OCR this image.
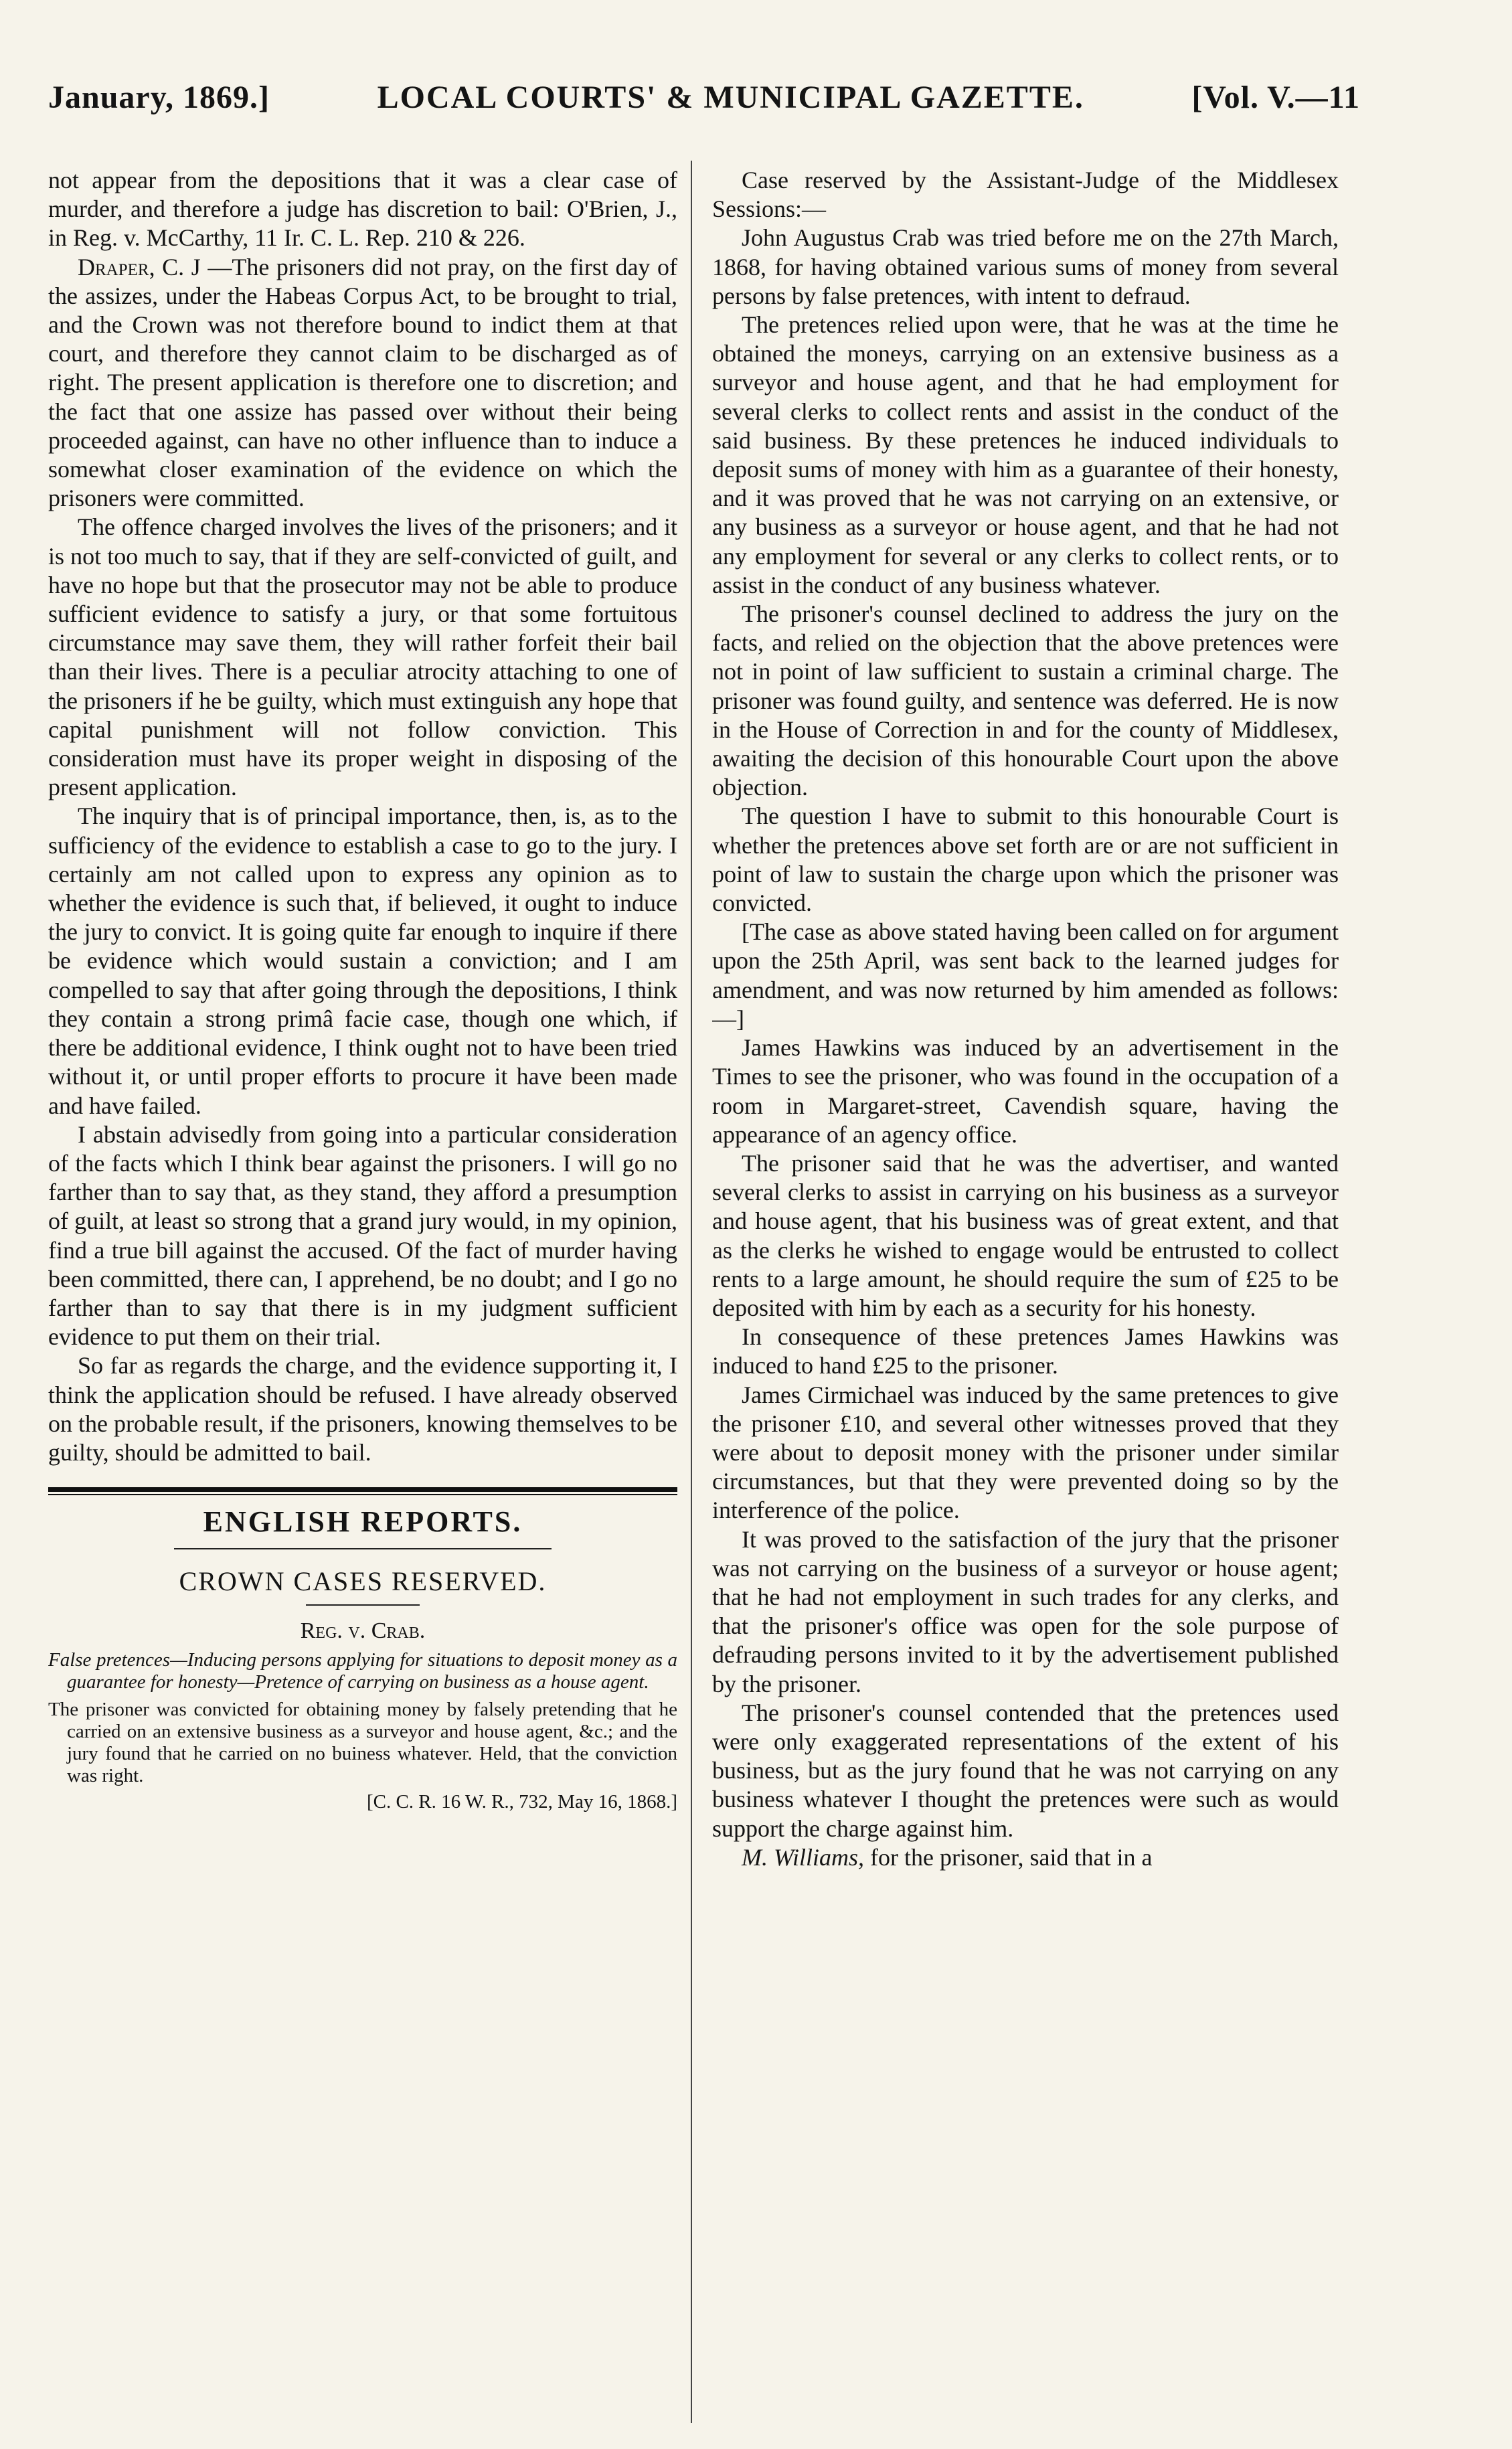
January, 1869.]	LOCAL COURTS' & MUNICIPAL GAZETTE.	[Vol. V.—11

not appear from the depositions that it was a clear case of murder, and therefore a judge has discretion to bail: O'Brien, J., in Reg. v. McCarthy, 11 Ir. C. L. Rep. 210 & 226.

Draper, C. J —The prisoners did not pray, on the first day of the assizes, under the Habeas Corpus Act, to be brought to trial, and the Crown was not therefore bound to indict them at that court, and therefore they cannot claim to be discharged as of right. The present application is therefore one to discretion; and the fact that one assize has passed over without their being proceeded against, can have no other influence than to induce a somewhat closer examination of the evidence on which the prisoners were committed.

The offence charged involves the lives of the prisoners; and it is not too much to say, that if they are self-convicted of guilt, and have no hope but that the prosecutor may not be able to produce sufficient evidence to satisfy a jury, or that some fortuitous circumstance may save them, they will rather forfeit their bail than their lives. There is a peculiar atrocity attaching to one of the prisoners if he be guilty, which must extinguish any hope that capital punishment will not follow conviction. This consideration must have its proper weight in disposing of the present application.

The inquiry that is of principal importance, then, is, as to the sufficiency of the evidence to establish a case to go to the jury. I certainly am not called upon to express any opinion as to whether the evidence is such that, if believed, it ought to induce the jury to convict. It is going quite far enough to inquire if there be evidence which would sustain a conviction; and I am compelled to say that after going through the depositions, I think they contain a strong primâ facie case, though one which, if there be additional evidence, I think ought not to have been tried without it, or until proper efforts to procure it have been made and have failed.

I abstain advisedly from going into a particular consideration of the facts which I think bear against the prisoners. I will go no farther than to say that, as they stand, they afford a presumption of guilt, at least so strong that a grand jury would, in my opinion, find a true bill against the accused. Of the fact of murder having been committed, there can, I apprehend, be no doubt; and I go no farther than to say that there is in my judgment sufficient evidence to put them on their trial.

So far as regards the charge, and the evidence supporting it, I think the application should be refused. I have already observed on the probable result, if the prisoners, knowing themselves to be guilty, should be admitted to bail.

ENGLISH REPORTS.

CROWN CASES RESERVED.

Reg. v. Crab.

False pretences—Inducing persons applying for situations to deposit money as a guarantee for honesty—Pretence of carrying on business as a house agent.

The prisoner was convicted for obtaining money by falsely pretending that he carried on an extensive business as a surveyor and house agent, &c.; and the jury found that he carried on no buiness whatever. Held, that the conviction was right.

[C. C. R. 16 W. R., 732, May 16, 1868.]

Case reserved by the Assistant-Judge of the Middlesex Sessions:—

John Augustus Crab was tried before me on the 27th March, 1868, for having obtained various sums of money from several persons by false pretences, with intent to defraud.

The pretences relied upon were, that he was at the time he obtained the moneys, carrying on an extensive business as a surveyor and house agent, and that he had employment for several clerks to collect rents and assist in the conduct of the said business. By these pretences he induced individuals to deposit sums of money with him as a guarantee of their honesty, and it was proved that he was not carrying on an extensive, or any business as a surveyor or house agent, and that he had not any employment for several or any clerks to collect rents, or to assist in the conduct of any business whatever.

The prisoner's counsel declined to address the jury on the facts, and relied on the objection that the above pretences were not in point of law sufficient to sustain a criminal charge. The prisoner was found guilty, and sentence was deferred. He is now in the House of Correction in and for the county of Middlesex, awaiting the decision of this honourable Court upon the above objection.

The question I have to submit to this honourable Court is whether the pretences above set forth are or are not sufficient in point of law to sustain the charge upon which the prisoner was convicted.

[The case as above stated having been called on for argument upon the 25th April, was sent back to the learned judges for amendment, and was now returned by him amended as follows:—]

James Hawkins was induced by an advertisement in the Times to see the prisoner, who was found in the occupation of a room in Margaret-street, Cavendish square, having the appearance of an agency office.

The prisoner said that he was the advertiser, and wanted several clerks to assist in carrying on his business as a surveyor and house agent, that his business was of great extent, and that as the clerks he wished to engage would be entrusted to collect rents to a large amount, he should require the sum of £25 to be deposited with him by each as a security for his honesty.

In consequence of these pretences James Hawkins was induced to hand £25 to the prisoner.

James Cirmichael was induced by the same pretences to give the prisoner £10, and several other witnesses proved that they were about to deposit money with the prisoner under similar circumstances, but that they were prevented doing so by the interference of the police.

It was proved to the satisfaction of the jury that the prisoner was not carrying on the business of a surveyor or house agent; that he had not employment in such trades for any clerks, and that the prisoner's office was open for the sole purpose of defrauding persons invited to it by the advertisement published by the prisoner.

The prisoner's counsel contended that the pretences used were only exaggerated representations of the extent of his business, but as the jury found that he was not carrying on any business whatever I thought the pretences were such as would support the charge against him.

M. Williams, for the prisoner, said that in a
